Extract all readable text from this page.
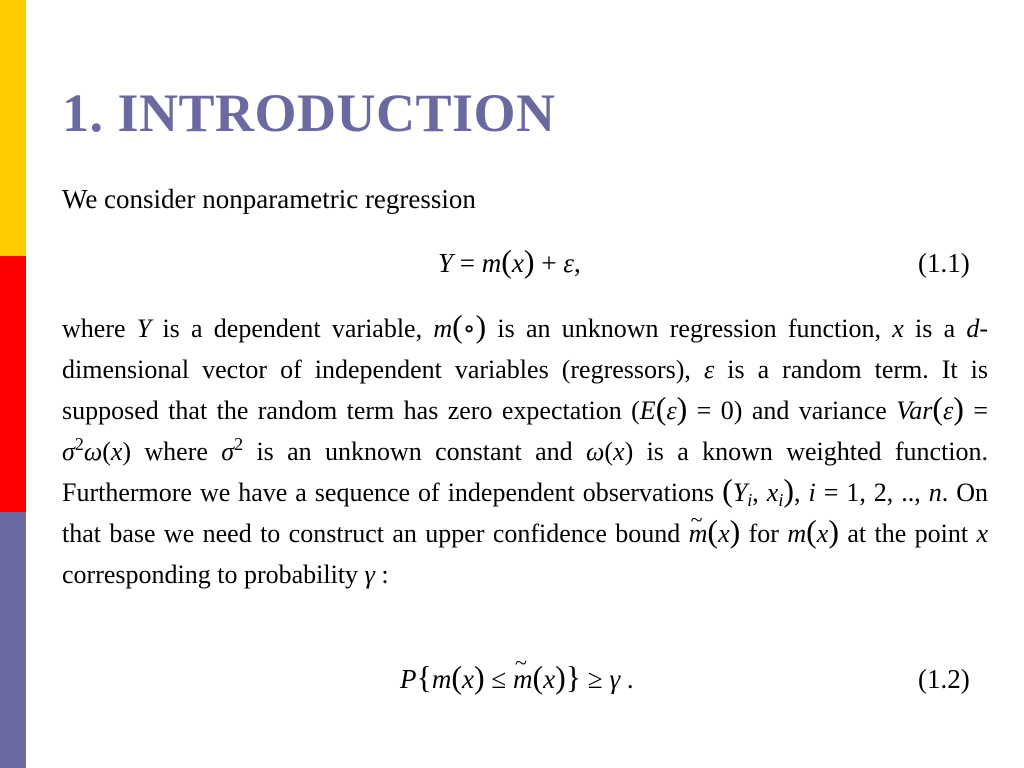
1. INTRODUCTION
We consider nonparametric regression
Y = m(x) + ε,	(1.1)
where Y is a dependent variable, m(∘) is an unknown regression function, x is a d-dimensional vector of independent variables (regressors), ε is a random term. It is supposed that the random term has zero expectation (E(ε) = 0) and variance $Var(\varepsilon) = \sigma^2\omega(x)$ where $\sigma^2$ is an unknown constant and ω(x) is a known weighted function. Furthermore we have a sequence of independent observations ($Y_i$, $x_i$), i = 1, 2, .., n. On that base we need to construct an upper confidence bound ~ m(x) for m(x) at the point x corresponding to probability γ :
P{m(x) ≤ ~ m(x)} ≥ γ .	(1.2)
